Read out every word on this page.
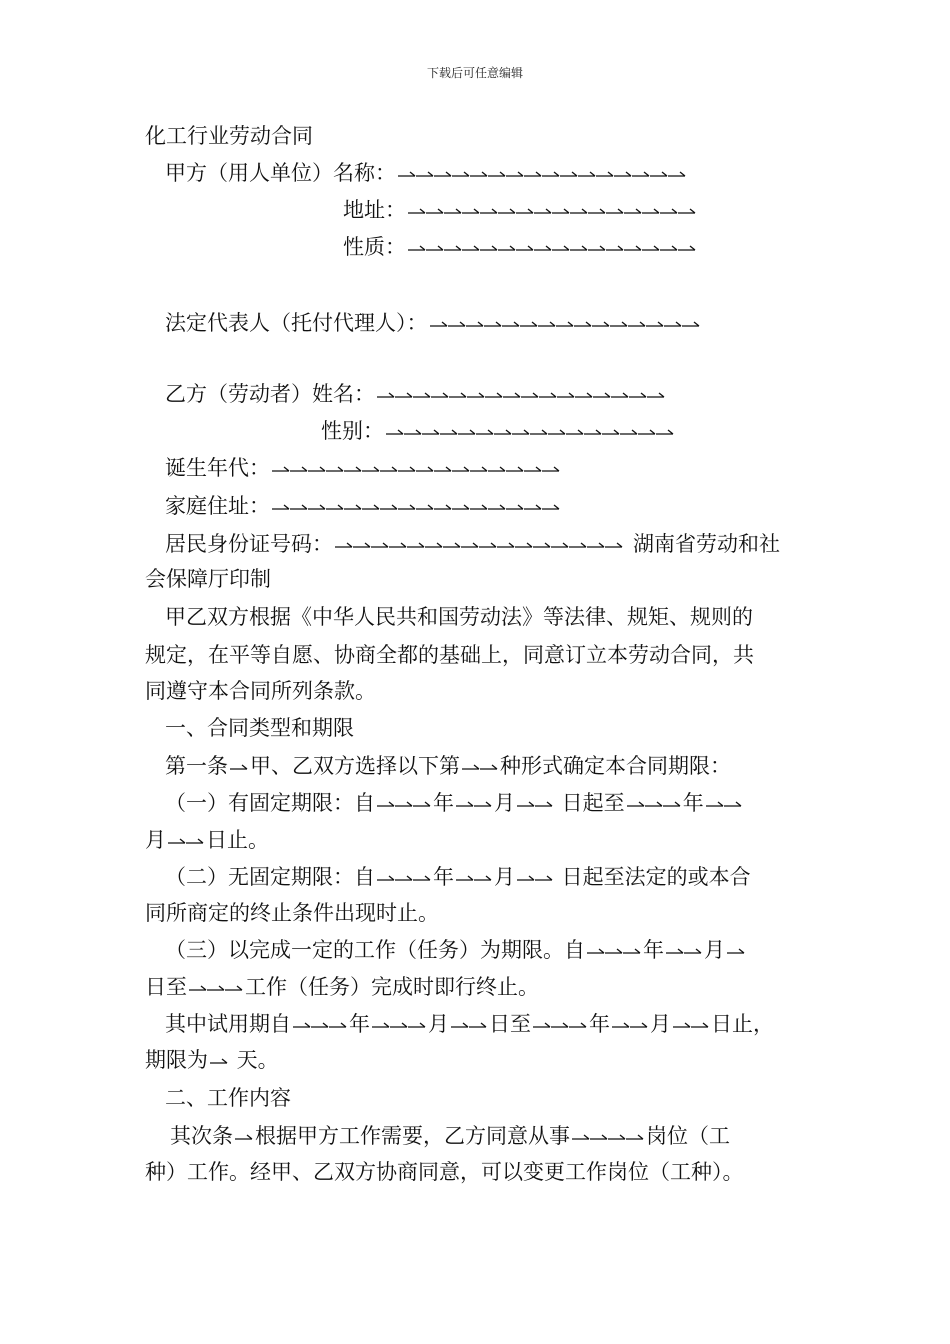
下载后可任意编辑
化工行业劳动合同
甲方（用人单位）名称：
地址：
性质：
法定代表人（托付代理人）：
乙方（劳动者）姓名：
性别：
诞生年代：
家庭住址：
居民身份证号码：	湖南省劳动和社
会保障厅印制
甲乙双方根据《中华人民共和国劳动法》等法律、规矩、规则的
规定，在平等自愿、协商全都的基础上，同意订立本劳动合同，共
同遵守本合同所列条款。
一、合同类型和期限
第一条 甲、乙双方选择以下第 种形式确定本合同期限：
（一）有固定期限：自	年 月
日起至	年
月 日止。
（二）无固定期限：自	年 月
日起至法定的或本合
同所商定的终止条件出现时止。
（三）以完成一定的工作（任务）为期限。自	年 月
日至	工作（任务）完成时即行终止。
其中试用期自	年	月 日至	年 月 日止，
期限为
天。
二、工作内容
其次条 根据甲方工作需要，乙方同意从事	岗位（工
种）工作。经甲、乙双方协商同意，可以变更工作岗位（工种）。
